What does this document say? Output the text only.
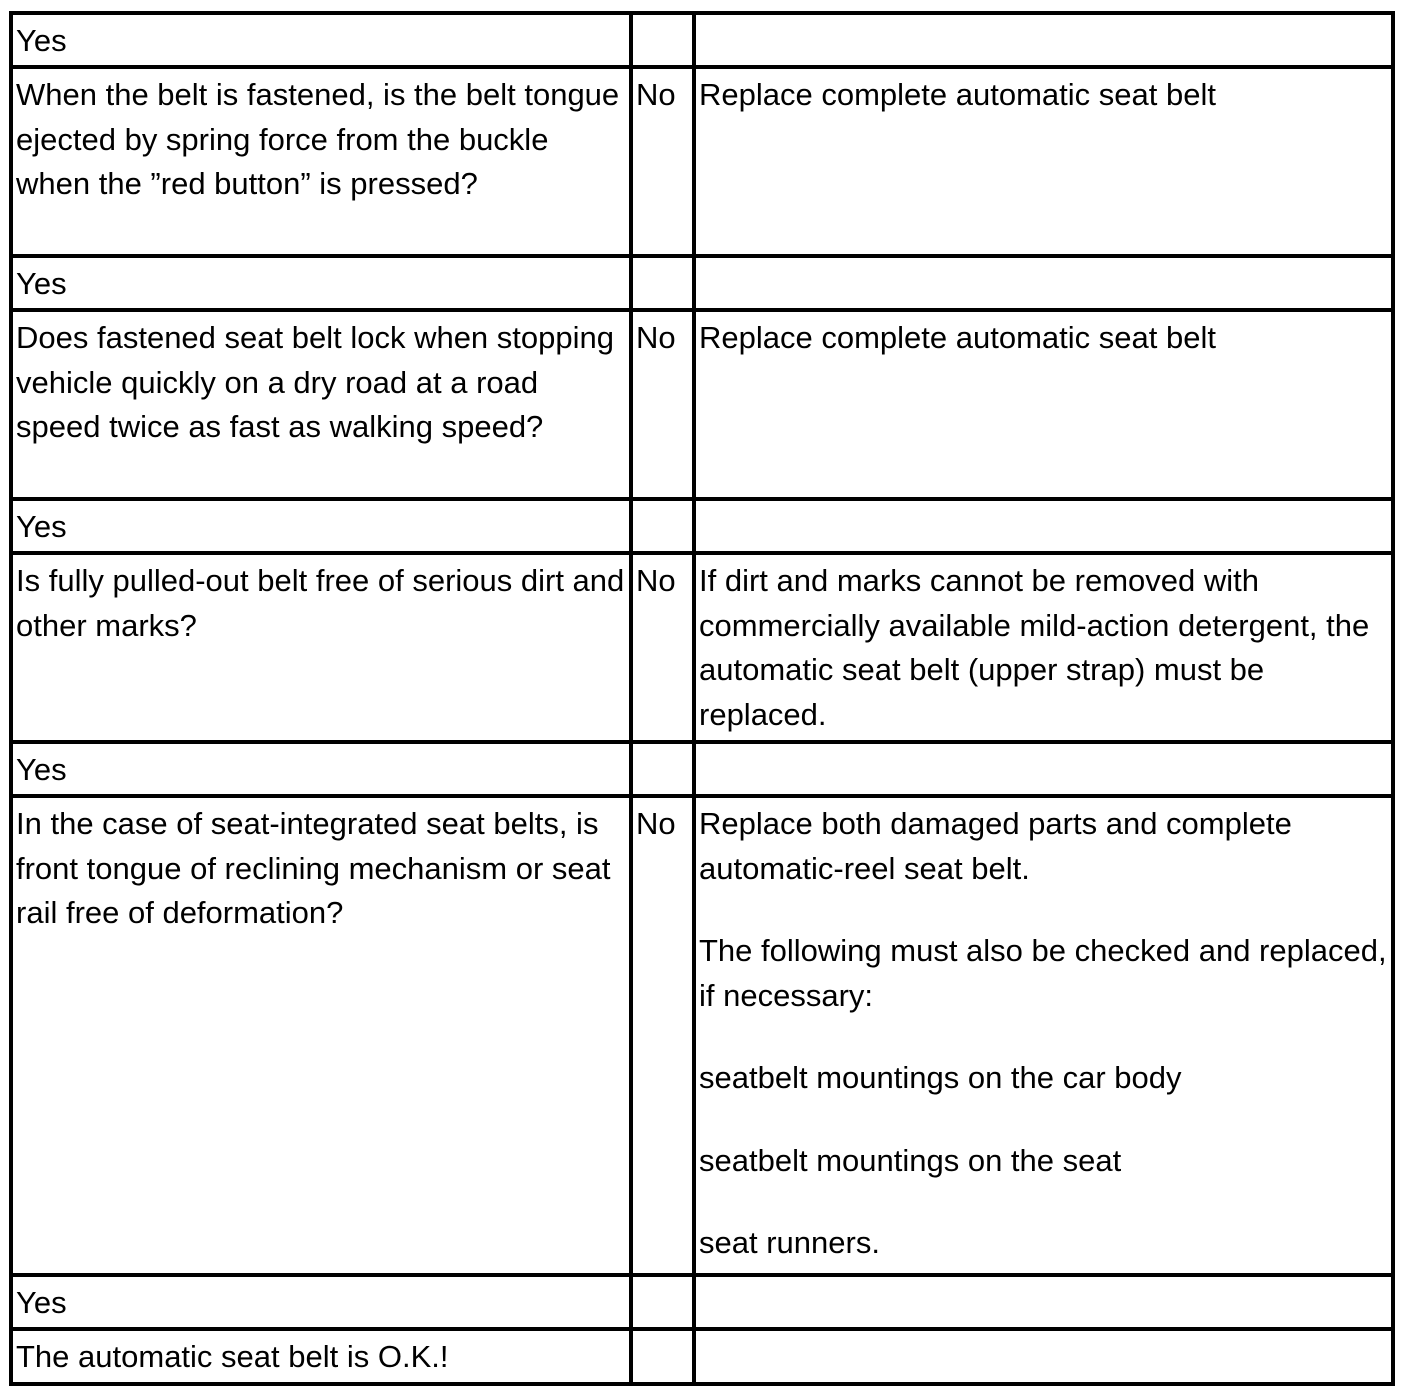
Yes
When the belt is fastened, is the belt tongue ejected by spring force from the buckle when the ”red button” is pressed?
No Replace complete automatic seat belt

Yes
Does fastened seat belt lock when stopping vehicle quickly on a dry road at a road speed twice as fast as walking speed?
No Replace complete automatic seat belt

Yes
Is fully pulled-out belt free of serious dirt and other marks?
No If dirt and marks cannot be removed with commercially available mild-action detergent, the automatic seat belt (upper strap) must be replaced.

Yes
In the case of seat-integrated seat belts, is front tongue of reclining mechanism or seat rail free of deformation?
No Replace both damaged parts and complete automatic-reel seat belt.

The following must also be checked and replaced, if necessary:

seatbelt mountings on the car body

seatbelt mountings on the seat

seat runners.

Yes
The automatic seat belt is O.K.!
